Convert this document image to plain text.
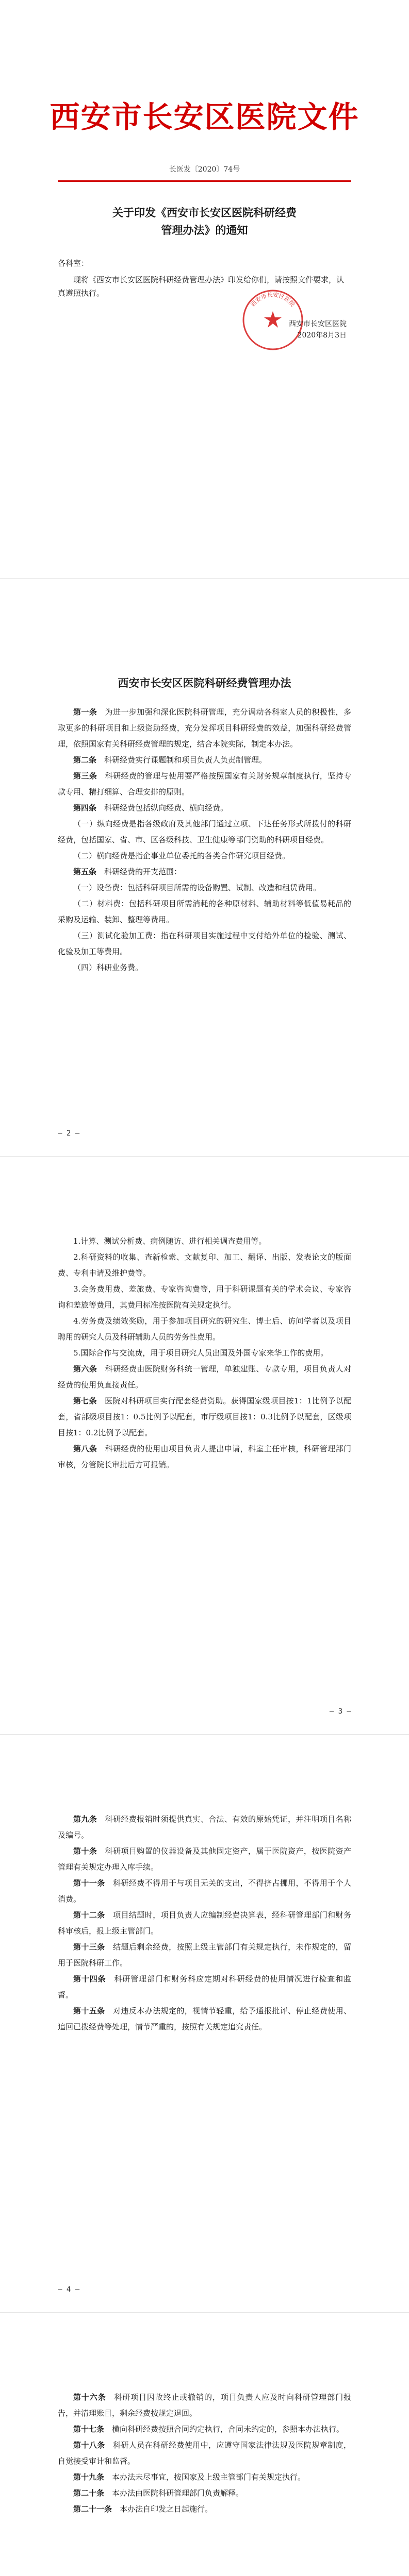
西安市长安区医院文件
长医发〔2020〕74号
关于印发《西安市长安区医院科研经费
管理办法》的通知
各科室：

现将《西安市长安区医院科研经费管理办法》印发给你们，请按照文件要求，认真遵照执行。

西安市长安区医院
西安市长安区医院
2020年8月3日
西安市长安区医院科研经费管理办法

第一条　 为进一步加强和深化医院科研管理，充分调动各科室人员的积极性，多取更多的科研项目和上级资助经费，充分发挥项目科研经费的效益，加强科研经费管理，依照国家有关科研经费管理的规定，结合本院实际，制定本办法。

第二条　 科研经费实行课题制和项目负责人负责制管理。

第三条　 科研经费的管理与使用要严格按照国家有关财务规章制度执行，坚持专款专用、精打细算、合理安排的原则。

第四条　 科研经费包括纵向经费、横向经费。

（一）纵向经费是指各级政府及其他部门通过立项、下达任务形式所拨付的科研经费，包括国家、省、市、区各级科技、卫生健康等部门资助的科研项目经费。

（二）横向经费是指企事业单位委托的各类合作研究项目经费。

第五条　 科研经费的开支范围：

（一）设备费：包括科研项目所需的设备购置、试制、改造和租赁费用。

（二）材料费：包括科研项目所需消耗的各种原材料、辅助材料等低值易耗品的采购及运输、装卸、整理等费用。

（三）测试化验加工费：指在科研项目实施过程中支付给外单位的检验、测试、化验及加工等费用。

（四）科研业务费。

— 2 —

1.计算、测试分析费、病例随访、进行相关调查费用等。

2.科研资料的收集、查新检索、文献复印、加工、翻译、出版、发表论文的版面费、专利申请及维护费等。

3.会务费用费、差旅费、专家咨询费等，用于科研课题有关的学术会议、专家咨询和差旅等费用，其费用标准按医院有关规定执行。

4.劳务费及绩效奖励，用于参加项目研究的研究生、博士后、访问学者以及项目聘用的研究人员及科研辅助人员的劳务性费用。

5.国际合作与交流费，用于项目研究人员出国及外国专家来华工作的费用。

第六条　 科研经费由医院财务科统一管理，单独建账、专款专用，项目负责人对经费的使用负直接责任。

第七条　 医院对科研项目实行配套经费资助。获得国家级项目按1：1比例予以配套，省部级项目按1：0.5比例予以配套，市厅级项目按1：0.3比例予以配套，区级项目按1：0.2比例予以配套。

第八条　 科研经费的使用由项目负责人提出申请，科室主任审核，科研管理部门审核，分管院长审批后方可报销。

— 3 —

第九条　 科研经费报销时须提供真实、合法、有效的原始凭证，并注明项目名称及编号。

第十条　 科研项目购置的仪器设备及其他固定资产，属于医院资产，按医院资产管理有关规定办理入库手续。

第十一条　 科研经费不得用于与项目无关的支出，不得挤占挪用，不得用于个人消费。

第十二条　 项目结题时，项目负责人应编制经费决算表，经科研管理部门和财务科审核后，报上级主管部门。

第十三条　 结题后剩余经费，按照上级主管部门有关规定执行，未作规定的，留用于医院科研工作。

第十四条　 科研管理部门和财务科应定期对科研经费的使用情况进行检查和监督。

第十五条　 对违反本办法规定的，视情节轻重，给予通报批评、停止经费使用、追回已拨经费等处理，情节严重的，按照有关规定追究责任。

— 4 —

第十六条　 科研项目因故终止或撤销的，项目负责人应及时向科研管理部门报告，并清理账目，剩余经费按规定退回。

第十七条　 横向科研经费按照合同约定执行，合同未约定的，参照本办法执行。

第十八条　 科研人员在科研经费使用中，应遵守国家法律法规及医院规章制度，自觉接受审计和监督。

第十九条　 本办法未尽事宜，按国家及上级主管部门有关规定执行。

第二十条　 本办法由医院科研管理部门负责解释。

第二十一条　 本办法自印发之日起施行。
